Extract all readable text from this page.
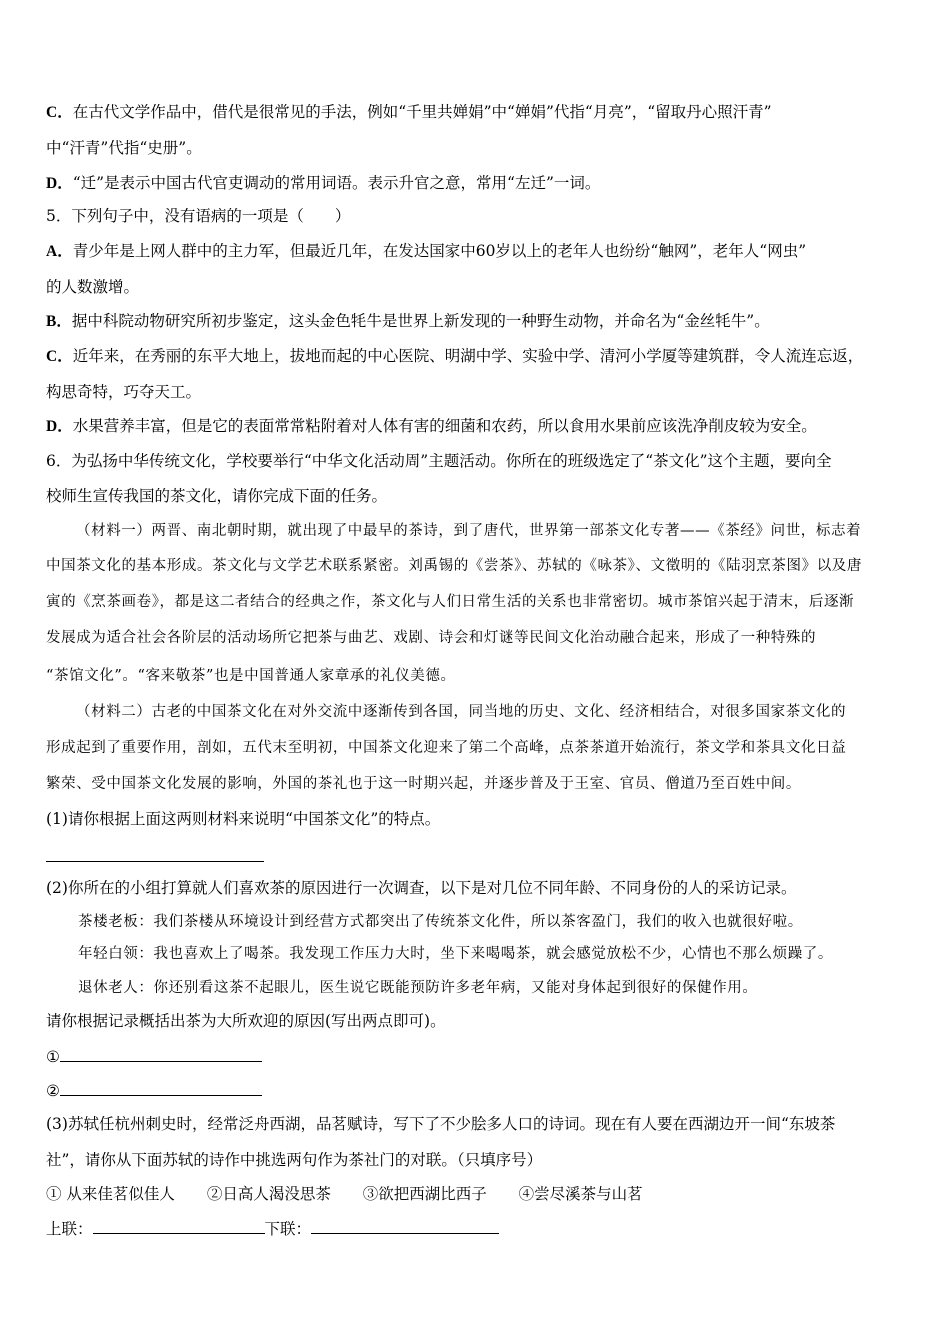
C．在古代文学作品中，借代是很常见的手法，例如“千里共婵娟”中“婵娟”代指“月亮”，“留取丹心照汗青”
中“汗青”代指“史册”。
D．“迁”是表示中国古代官吏调动的常用词语。表示升官之意，常用“左迁”一词。
5．下列句子中，没有语病的一项是（　　）
A．青少年是上网人群中的主力军，但最近几年，在发达国家中60岁以上的老年人也纷纷“触网”，老年人“网虫”
的人数激增。
B．据中科院动物研究所初步鉴定，这头金色牦牛是世界上新发现的一种野生动物，并命名为“金丝牦牛”。
C．近年来，在秀丽的东平大地上，拔地而起的中心医院、明湖中学、实验中学、清河小学厦等建筑群，令人流连忘返，
构思奇特，巧夺天工。
D．水果营养丰富，但是它的表面常常粘附着对人体有害的细菌和农药，所以食用水果前应该洗净削皮较为安全。
6．为弘扬中华传统文化，学校要举行“中华文化活动周”主题活动。你所在的班级选定了“茶文化”这个主题，要向全
校师生宣传我国的茶文化，请你完成下面的任务。
（材料一）两晋、南北朝时期，就出现了中最早的茶诗，到了唐代，世界第一部茶文化专著——《茶经》问世，标志着
中国茶文化的基本形成。茶文化与文学艺术联系紧密。刘禹锡的《尝茶》、苏轼的《咏茶》、文徵明的《陆羽烹茶图》以及唐
寅的《烹茶画卷》，都是这二者结合的经典之作，茶文化与人们日常生活的关系也非常密切。城市茶馆兴起于清末，后逐渐
发展成为适合社会各阶层的活动场所它把茶与曲艺、戏剧、诗会和灯谜等民间文化治动融合起来，形成了一种特殊的
“茶馆文化”。“客来敬茶”也是中国普通人家章承的礼仪美德。
（材料二）古老的中国茶文化在对外交流中逐渐传到各国，同当地的历史、文化、经济相结合，对很多国家茶文化的
形成起到了重要作用，剖如，五代末至明初，中国茶文化迎来了第二个高峰，点茶茶道开始流行，茶文学和茶具文化日益
繁荣、受中国茶文化发展的影响，外国的茶礼也于这一时期兴起，并逐步普及于王室、官员、僧道乃至百姓中间。
(1)请你根据上面这两则材料来说明“中国茶文化”的特点。
(2)你所在的小组打算就人们喜欢茶的原因进行一次调查，以下是对几位不同年龄、不同身份的人的采访记录。
茶楼老板：我们茶楼从环境设计到经营方式都突出了传统茶文化件，所以茶客盈门，我们的收入也就很好啦。
年轻白领：我也喜欢上了喝茶。我发现工作压力大时，坐下来喝喝茶，就会感觉放松不少，心情也不那么烦躁了。
退休老人：你还别看这茶不起眼儿，医生说它既能预防许多老年病，又能对身体起到很好的保健作用。
请你根据记录概括出茶为大所欢迎的原因(写出两点即可)。
①
②
(3)苏轼任杭州刺史时，经常泛舟西湖，品茗赋诗，写下了不少脍多人口的诗词。现在有人要在西湖边开一间“东坡茶
社”，请你从下面苏轼的诗作中挑选两句作为茶社门的对联。（只填序号）
① 从来佳茗似佳人 ②日高人渴没思茶 ③欲把西湖比西子 ④尝尽溪茶与山茗
上联：	下联：
